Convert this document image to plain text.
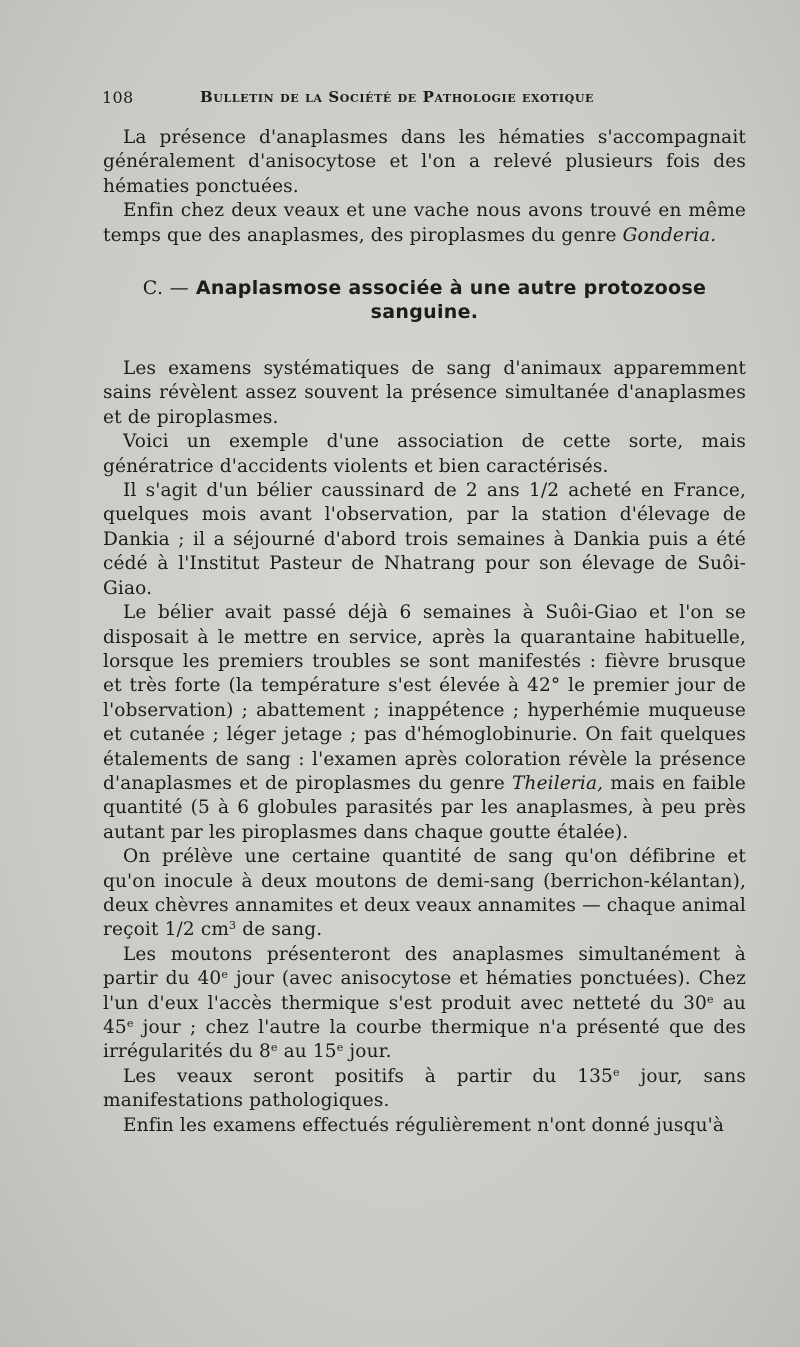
108	Bulletin de la Société de Pathologie exotique

La présence d'anaplasmes dans les hématies s'accompagnait généralement d'anisocytose et l'on a relevé plusieurs fois des hématies ponctuées.

Enfin chez deux veaux et une vache nous avons trouvé en même temps que des anaplasmes, des piroplasmes du genre Gonderia.

C. — Anaplasmose associée à une autre protozoose sanguine.

Les examens systématiques de sang d'animaux apparemment sains révèlent assez souvent la présence simultanée d'anaplasmes et de piroplasmes.

Voici un exemple d'une association de cette sorte, mais génératrice d'accidents violents et bien caractérisés.

Il s'agit d'un bélier caussinard de 2 ans 1/2 acheté en France, quelques mois avant l'observation, par la station d'élevage de Dankia ; il a séjourné d'abord trois semaines à Dankia puis a été cédé à l'Institut Pasteur de Nhatrang pour son élevage de Suôi-Giao.

Le bélier avait passé déjà 6 semaines à Suôi-Giao et l'on se disposait à le mettre en service, après la quarantaine habituelle, lorsque les premiers troubles se sont manifestés : fièvre brusque et très forte (la température s'est élevée à 42° le premier jour de l'observation) ; abattement ; inappétence ; hyperhémie muqueuse et cutanée ; léger jetage ; pas d'hémoglobinurie. On fait quelques étalements de sang : l'examen après coloration révèle la présence d'anaplasmes et de piroplasmes du genre Theileria, mais en faible quantité (5 à 6 globules parasités par les anaplasmes, à peu près autant par les piroplasmes dans chaque goutte étalée).

On prélève une certaine quantité de sang qu'on défibrine et qu'on inocule à deux moutons de demi-sang (berrichon-kélantan), deux chèvres annamites et deux veaux annamites — chaque animal reçoit 1/2 $cm^3$ de sang.

Les moutons présenteront des anaplasmes simultanément à partir du 40e jour (avec anisocytose et hématies ponctuées). Chez l'un d'eux l'accès thermique s'est produit avec netteté du 30e au 45e jour ; chez l'autre la courbe thermique n'a présenté que des irrégularités du 8e au 15e jour.

Les veaux seront positifs à partir du 135e jour, sans manifestations pathologiques.

Enfin les examens effectués régulièrement n'ont donné jusqu'à
